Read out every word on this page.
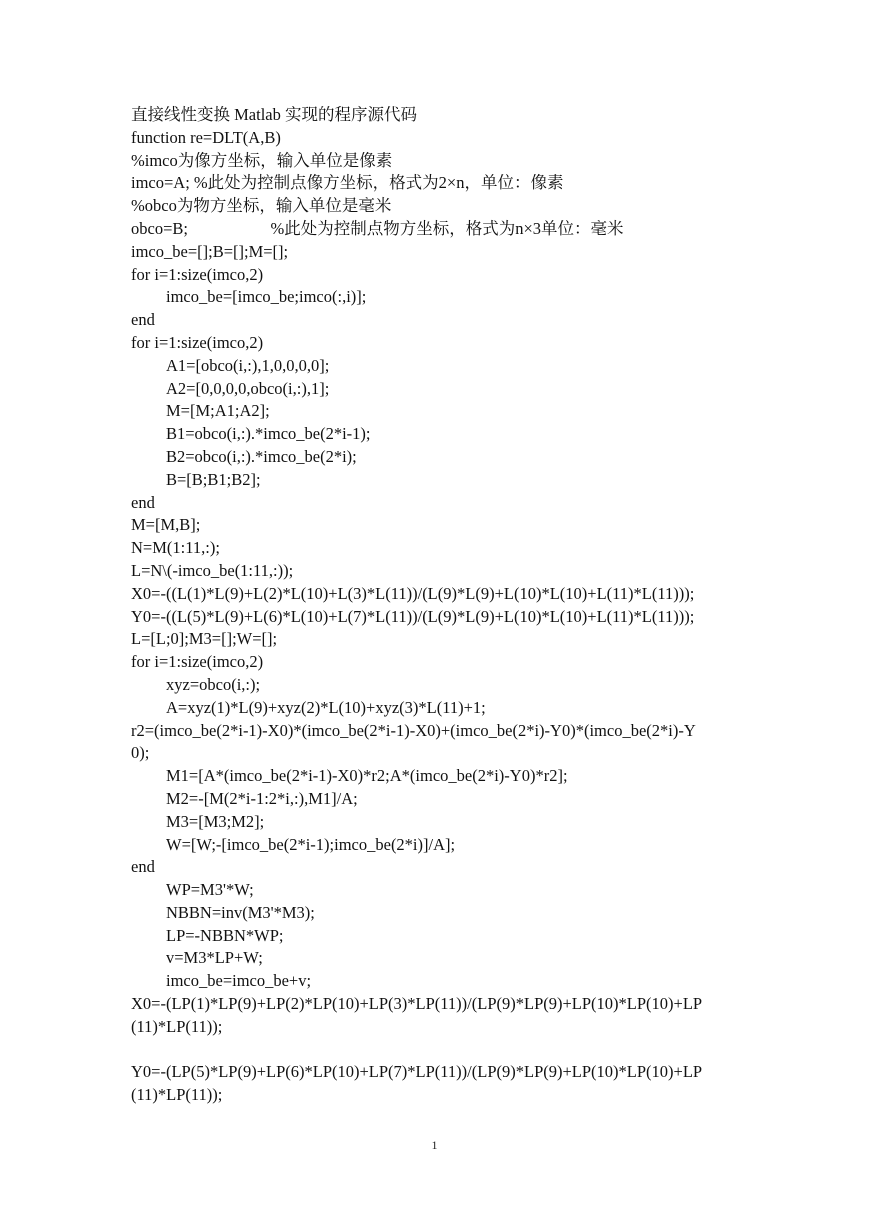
直接线性变换 Matlab 实现的程序源代码
function re=DLT(A,B)
%imco为像方坐标，输入单位是像素
imco=A; %此处为控制点像方坐标，格式为2×n，单位：像素
%obco为物方坐标，输入单位是毫米
obco=B;                    %此处为控制点物方坐标，格式为n×3单位：毫米
imco_be=[];B=[];M=[];
for i=1:size(imco,2)
imco_be=[imco_be;imco(:,i)];
end
for i=1:size(imco,2)
A1=[obco(i,:),1,0,0,0,0];
A2=[0,0,0,0,obco(i,:),1];
M=[M;A1;A2];
B1=obco(i,:).*imco_be(2*i-1);
B2=obco(i,:).*imco_be(2*i);
B=[B;B1;B2];
end
M=[M,B];
N=M(1:11,:);
L=N\(-imco_be(1:11,:));
X0=-((L(1)*L(9)+L(2)*L(10)+L(3)*L(11))/(L(9)*L(9)+L(10)*L(10)+L(11)*L(11)));
Y0=-((L(5)*L(9)+L(6)*L(10)+L(7)*L(11))/(L(9)*L(9)+L(10)*L(10)+L(11)*L(11)));
L=[L;0];M3=[];W=[];
for i=1:size(imco,2)
xyz=obco(i,:);
A=xyz(1)*L(9)+xyz(2)*L(10)+xyz(3)*L(11)+1;
r2=(imco_be(2*i-1)-X0)*(imco_be(2*i-1)-X0)+(imco_be(2*i)-Y0)*(imco_be(2*i)-Y
0);
M1=[A*(imco_be(2*i-1)-X0)*r2;A*(imco_be(2*i)-Y0)*r2];
M2=-[M(2*i-1:2*i,:),M1]/A;
M3=[M3;M2];
W=[W;-[imco_be(2*i-1);imco_be(2*i)]/A];
end
WP=M3'*W;
NBBN=inv(M3'*M3);
LP=-NBBN*WP;
v=M3*LP+W;
imco_be=imco_be+v;
X0=-(LP(1)*LP(9)+LP(2)*LP(10)+LP(3)*LP(11))/(LP(9)*LP(9)+LP(10)*LP(10)+LP
(11)*LP(11));
Y0=-(LP(5)*LP(9)+LP(6)*LP(10)+LP(7)*LP(11))/(LP(9)*LP(9)+LP(10)*LP(10)+LP
(11)*LP(11));
1
